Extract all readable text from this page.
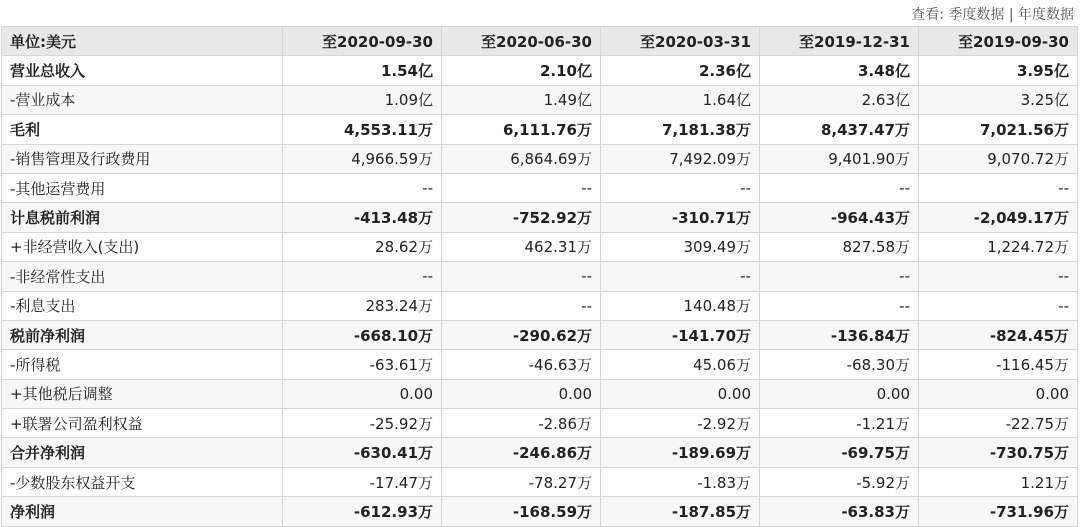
查看: 季度数据 | 年度数据
单位:美元	至2020-09-30	至2020-06-30	至2020-03-31	至2019-12-31	至2019-09-30
营业总收入	1.54亿	2.10亿	2.36亿	3.48亿	3.95亿
-营业成本	1.09亿	1.49亿	1.64亿	2.63亿	3.25亿
毛利	4,553.11万	6,111.76万	7,181.38万	8,437.47万	7,021.56万
-销售管理及行政费用	4,966.59万	6,864.69万	7,492.09万	9,401.90万	9,070.72万
-其他运营费用	--	--	--	--	--
计息税前利润	-413.48万	-752.92万	-310.71万	-964.43万	-2,049.17万
+非经营收入(支出)	28.62万	462.31万	309.49万	827.58万	1,224.72万
-非经常性支出	--	--	--	--	--
-利息支出	283.24万	--	140.48万	--	--
税前净利润	-668.10万	-290.62万	-141.70万	-136.84万	-824.45万
-所得税	-63.61万	-46.63万	45.06万	-68.30万	-116.45万
+其他税后调整	0.00	0.00	0.00	0.00	0.00
+联署公司盈利权益	-25.92万	-2.86万	-2.92万	-1.21万	-22.75万
合并净利润	-630.41万	-246.86万	-189.69万	-69.75万	-730.75万
-少数股东权益开支	-17.47万	-78.27万	-1.83万	-5.92万	1.21万
净利润	-612.93万	-168.59万	-187.85万	-63.83万	-731.96万
